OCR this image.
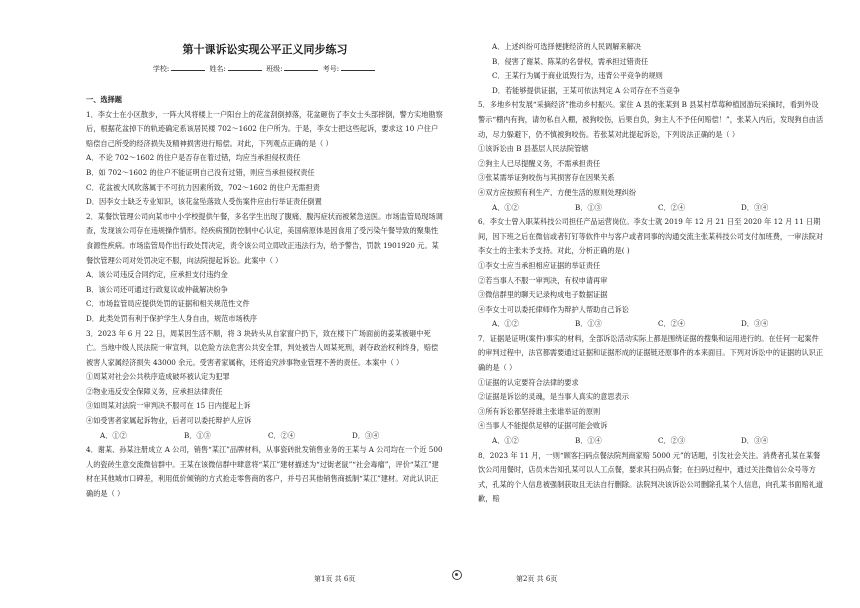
第十课诉讼实现公平正义同步练习
学校:	姓名:	班级:	考号:
一、选择题

1．李女士在小区散步，一阵大风将楼上一户阳台上的花盆刮倒掉落，花盆砸伤了李女士头部摔倒，警方实地勘察后，根据花盆掉下的轨迹确定系该居民楼 702～1602 住户所为。于是，李女士把这些起诉，要求这 10 户住户赔偿自己所受的经济损失及精神损害进行赔偿。对此，下列观点正确的是（ ）

A．不论 702～1602 的住户是否存在着过错，均应当承担侵权责任

B．如 702～1602 的住户不能证明自己没有过错，则应当承担侵权责任

C．花盆被大风吹落属于不可抗力因素所致，702～1602 的住户无需担责

D．因李女士缺乏专业知识，该花盆坠落致人受伤案件应由行举证责任倒置

2．某餐饮管理公司向某市中小学校提供午餐，多名学生出现了腹痛、腹泻症状而被紧急送医。市场监管局现场调查，发现该公司存在违规操作情形。经疾病预防控制中心认定，美国病原体是因食用了受污染午餐导致的聚集性食源性疾病。市场监管局作出行政处罚决定，责令该公司立即改正违法行为，给予警告，罚款 1901920 元。某餐饮管理公司对处罚决定不服，向法院提起诉讼。此案中（ ）

A．该公司违反合同约定，应承担支付违约金

B．该公司还可通过行政复议或仲裁解决纷争

C．市场监管局应提供处罚的证据和相关规范性文件

D．此类处罚有利于保护学生人身自由，规范市场秩序

3．2023 年 6 月 22 日，周某因生活不顺，将 3 块砖头从自家窗户扔下，致在楼下广场面前的姜某被砸中死亡。当地中级人民法院一审宣判，以危险方法危害公共安全罪，判处被告人周某死刑，剥夺政治权利终身，赔偿被害人家属经济损失 43000 余元。受害者家属称，还将追究涉事物业管理不善的责任。本案中（ ）

①周某对社会公共秩序造成破坏被认定为犯罪

②物业违反安全保障义务，应承担法律责任

③如周某对法院一审判决不服可在 15 日内提起上诉

④如受害者家属起诉物业，后者可以委托辩护人应诉

A．①②	B．①③	C．②④	D．③④

4．谢某、孙某注册成立 A 公司，销售“某江”品牌材料，从事瓷砖批发销售业务的王某与 A 公司均在一个近 500 人的瓷砖生意交流微信群中。王某在该微信群中肆意将“某江”建材描述为“过街老鼠”“社会毒瘤”，评价“某江”建材在其他城市口碑差，利用低价倾销的方式抢走零售商的客户，并号召其他销售商抵制“某江”建材。对此认识正确的是（ ）

A．上述纠纷可选择便捷经济的人民调解来解决

B．侵害了谢某、陈某的名誉权，需承担过错责任

C．王某行为属于商业诋毁行为，违背公平竞争的规则

D．若能够提供证据，王某可依法判定 A 公司存在不当竞争

5．多地乡村发展“采摘经济”推动乡村振兴。家住 A 县的张某到 B 县某村草莓种植园游玩采摘时，看到外设警示“棚内有狗，请勿私自入棚，被狗咬伤，后果自负，狗主人不予任何赔偿！”，张某入内后，发现狗自由活动，尽力躲避下，仍不慎被狗咬伤。若张某对此提起诉讼，下列说法正确的是（ ）

①该诉讼由 B 县基层人民法院管辖

②狗主人已尽提醒义务，不需承担责任

③张某需举证狗咬伤与其损害存在因果关系

④双方应按照有利生产、方便生活的原则处理纠纷

A．①②	B．①③	C．②④	D．③④

6．李女士曾入职某科技公司担任产品运营岗位。李女士就 2019 年 12 月 21 日至 2020 年 12 月 11 日期间，因下班之后在微信或者钉钉等软件中与客户或者同事的沟通交流主张某科技公司支付加班费，一审法院对李女士的主张未予支持。对此，分析正确的是( )

①李女士应当承担相应证据的举证责任

②若当事人不服一审判决，有权申请再审

③微信群里的聊天记录构成电子数据证据

④李女士可以委托律师作为辩护人帮助自己诉讼

A．①②	B．①③	C．②④	D．③④

7．证据是证明(案件)事实的材料，全部诉讼活动实际上都是围绕证据的搜集和运用进行的。在任何一起案件的审判过程中，法官都需要通过证据和证据形成的证据链还原事件的本来面目。下列对诉讼中的证据的认识正确的是（ ）

①证据的认定要符合法律的要求

②证据是诉讼的灵魂，是当事人真实的意思表示

③所有诉讼都坚持谁主张谁举证的原则

④当事人不能提供足够的证据可能会败诉

A．①②	B．①④	C．②③	D．③④

8．2023 年 11 月，一则“顾客扫码点餐法院判商家赔 5000 元”的话题，引发社会关注。消费者孔某在某餐饮公司用餐时，店员未告知孔某可以人工点餐，要求其扫码点餐；在扫码过程中，通过关注微信公众号等方式，孔某的个人信息被强制获取且无法自行删除。法院判决该诉讼公司删除孔某个人信息，向孔某书面赔礼道歉，赔

第1页 共 6页	第2页 共 6页
